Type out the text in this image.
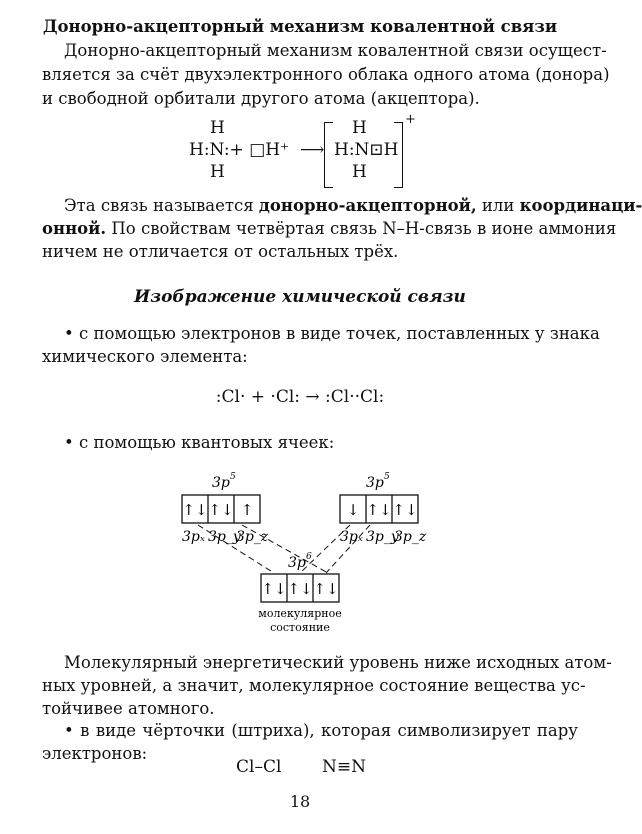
Донорно-акцепторный механизм ковалентной связи
Донорно-акцепторный механизм ковалентной связи осущест-
вляется за счёт двухэлектронного облака одного атома (донора)
и свободной орбитали другого атома (акцептора).
H
H:N:+ □H⁺
H
⟶
H
H:N⊡H
H
+
Эта связь называется донорно-акцепторной, или координаци-
онной. По свойствам четвёртая связь N–H-связь в ионе аммония
ничем не отличается от остальных трёх.
Изображение химической связи
• с помощью электронов в виде точек, поставленных у знака
химического элемента:
:Cl· + ·Cl: → :Cl··Cl:
• с помощью квантовых ячеек:
↑↓ ↑↓ ↑	↓ ↑↓ ↑↓
↑↓ ↑↓ ↑↓
3p 5	3p 5
3p 6
3pₓ 3p_y
3p_z	3pₓ 3p_y
3p_z
молекулярное
состояние
Молекулярный энергетический уровень ниже исходных атом-
ных уровней, а значит, молекулярное состояние вещества ус-
тойчивее атомного.
• в виде чёрточки (штриха), которая символизирует пару
электронов:
Cl–Cl N≡N
18
